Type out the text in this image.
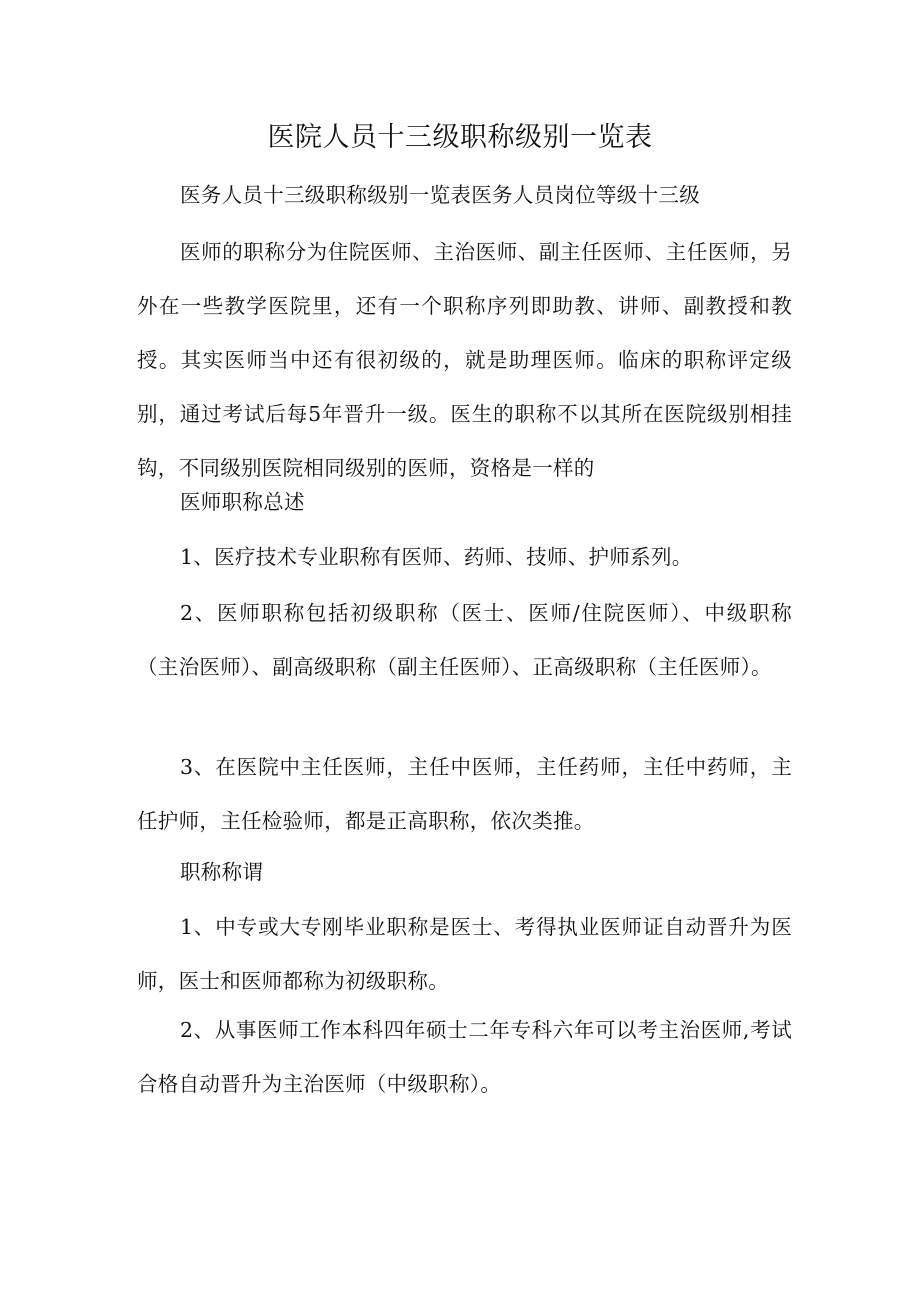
医院人员十三级职称级别一览表

医务人员十三级职称级别一览表医务人员岗位等级十三级

医师的职称分为住院医师、主治医师、副主任医师、主任医师，另外在一些教学医院里，还有一个职称序列即助教、讲师、副教授和教授。其实医师当中还有很初级的，就是助理医师。临床的职称评定级别，通过考试后每5年晋升一级。医生的职称不以其所在医院级别相挂钩，不同级别医院相同级别的医师，资格是一样的

医师职称总述

1、医疗技术专业职称有医师、药师、技师、护师系列。

2、医师职称包括初级职称（医士、医师/住院医师）、中级职称（主治医师）、副高级职称（副主任医师）、正高级职称（主任医师）。

3、在医院中主任医师，主任中医师，主任药师，主任中药师，主任护师，主任检验师，都是正高职称，依次类推。

职称称谓

1、中专或大专刚毕业职称是医士、考得执业医师证自动晋升为医师，医士和医师都称为初级职称。

2、从事医师工作本科四年硕士二年专科六年可以考主治医师,考试合格自动晋升为主治医师（中级职称）。
